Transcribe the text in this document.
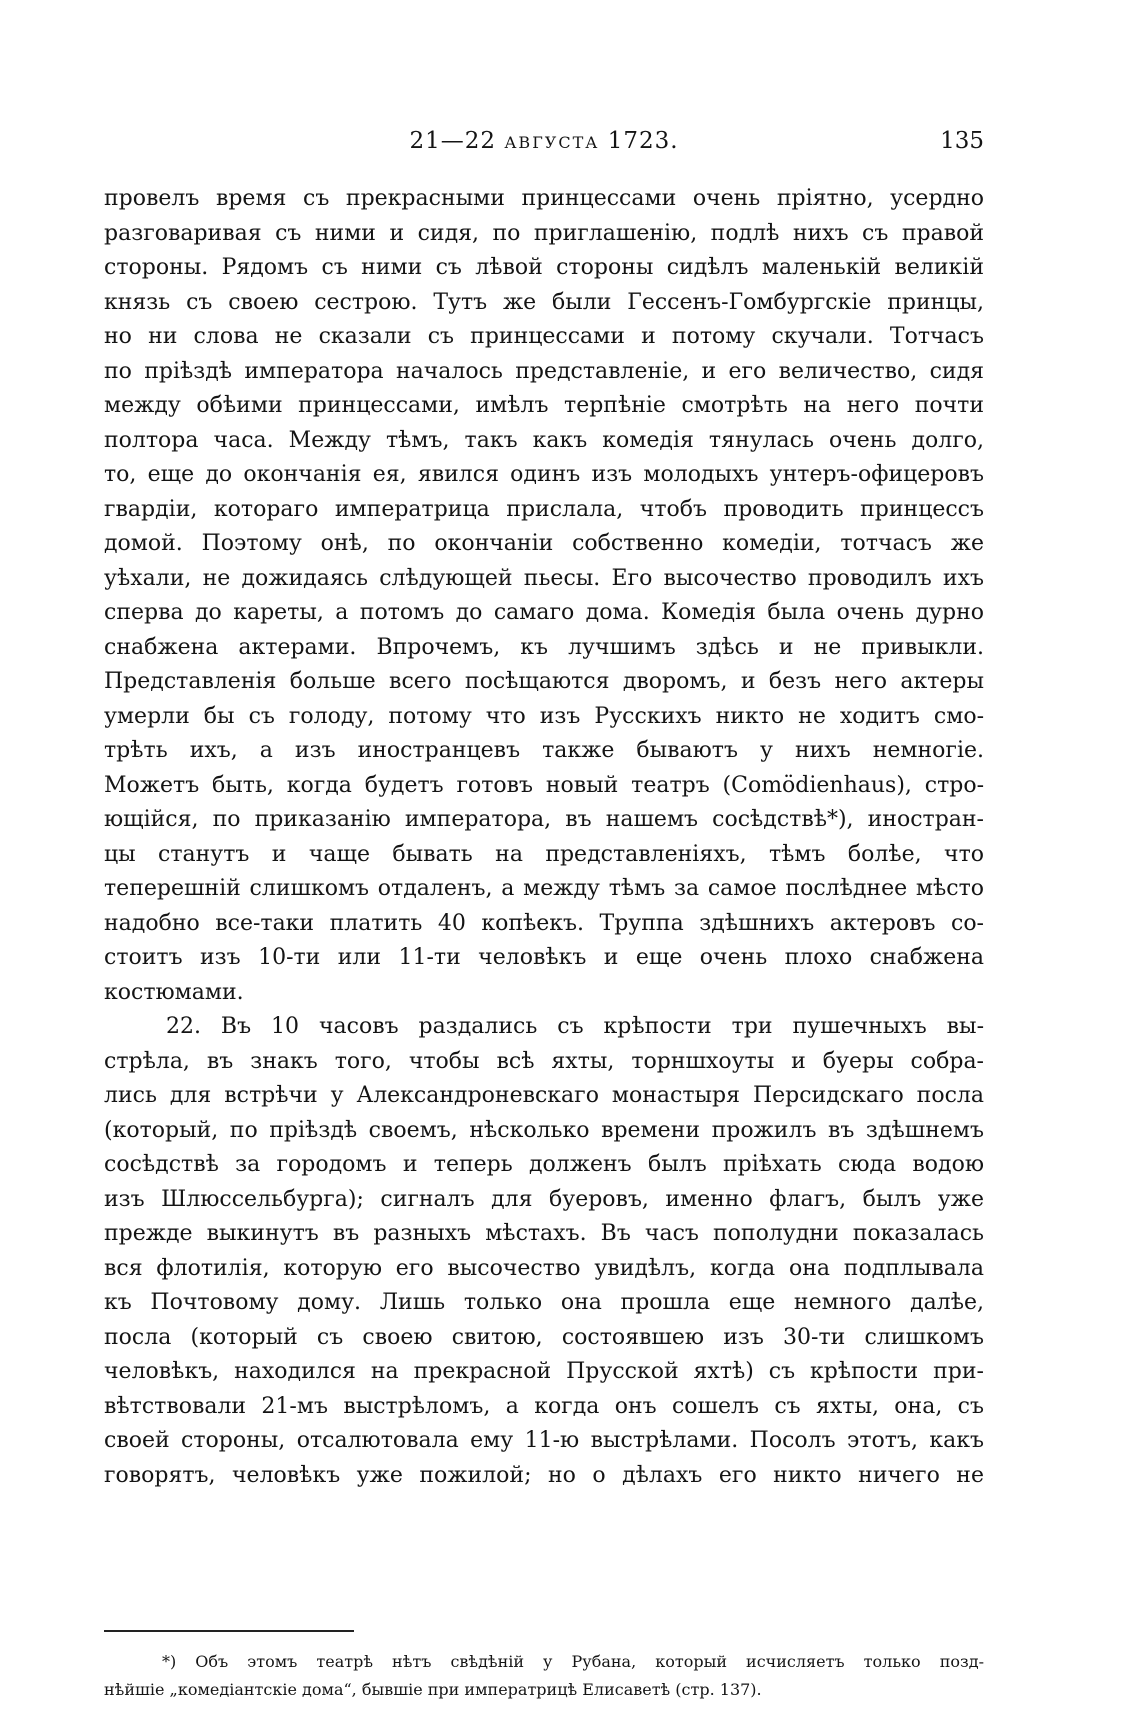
21—22 АВГУСТА 1723.	135
провелъ время съ прекрасными принцессами очень пріятно, усердно
разговаривая съ ними и сидя, по приглашенію, подлѣ нихъ съ правой
стороны. Рядомъ съ ними съ лѣвой стороны сидѣлъ маленькій великій
князь съ своею сестрою. Тутъ же были Гессенъ-Гомбургскіе принцы,
но ни слова не сказали съ принцессами и потому скучали. Тотчасъ
по пріѣздѣ императора началось представленіе, и его величество, сидя
между обѣими принцессами, имѣлъ терпѣніе смотрѣть на него почти
полтора часа. Между тѣмъ, такъ какъ комедія тянулась очень долго,
то, еще до окончанія ея, явился одинъ изъ молодыхъ унтеръ-офицеровъ
гвардіи, котораго императрица прислала, чтобъ проводить принцессъ
домой. Поэтому онѣ, по окончаніи собственно комедіи, тотчасъ же
уѣхали, не дожидаясь слѣдующей пьесы. Его высочество проводилъ ихъ
сперва до кареты, а потомъ до самаго дома. Комедія была очень дурно
снабжена актерами. Впрочемъ, къ лучшимъ здѣсь и не привыкли.
Представленія больше всего посѣщаются дворомъ, и безъ него актеры
умерли бы съ голоду, потому что изъ Русскихъ никто не ходитъ смо-
трѣть ихъ, а изъ иностранцевъ также бываютъ у нихъ немногіе.
Можетъ быть, когда будетъ готовъ новый театръ (Comödienhaus), стро-
ющійся, по приказанію императора, въ нашемъ сосѣдствѣ*), иностран-
цы станутъ и чаще бывать на представленіяхъ, тѣмъ болѣе, что
теперешній слишкомъ отдаленъ, а между тѣмъ за самое послѣднее мѣсто
надобно все-таки платить 40 копѣекъ. Труппа здѣшнихъ актеровъ со-
стоитъ изъ 10-ти или 11-ти человѣкъ и еще очень плохо снабжена
костюмами.
22. Въ 10 часовъ раздались съ крѣпости три пушечныхъ вы-
стрѣла, въ знакъ того, чтобы всѣ яхты, торншхоуты и буеры собра-
лись для встрѣчи у Александроневскаго монастыря Персидскаго посла
(который, по пріѣздѣ своемъ, нѣсколько времени прожилъ въ здѣшнемъ
сосѣдствѣ за городомъ и теперь долженъ былъ пріѣхать сюда водою
изъ Шлюссельбурга); сигналъ для буеровъ, именно флагъ, былъ уже
прежде выкинутъ въ разныхъ мѣстахъ. Въ часъ пополудни показалась
вся флотилія, которую его высочество увидѣлъ, когда она подплывала
къ Почтовому дому. Лишь только она прошла еще немного далѣе,
посла (который съ своею свитою, состоявшею изъ 30-ти слишкомъ
человѣкъ, находился на прекрасной Прусской яхтѣ) съ крѣпости при-
вѣтствовали 21-мъ выстрѣломъ, а когда онъ сошелъ съ яхты, она, съ
своей стороны, отсалютовала ему 11-ю выстрѣлами. Посолъ этотъ, какъ
говорятъ, человѣкъ уже пожилой; но о дѣлахъ его никто ничего не
*) Объ этомъ театрѣ нѣтъ свѣдѣній у Рубана, который исчисляетъ только позд-
нѣйшіе „комедіантскіе дома“, бывшіе при императрицѣ Елисаветѣ (стр. 137).
